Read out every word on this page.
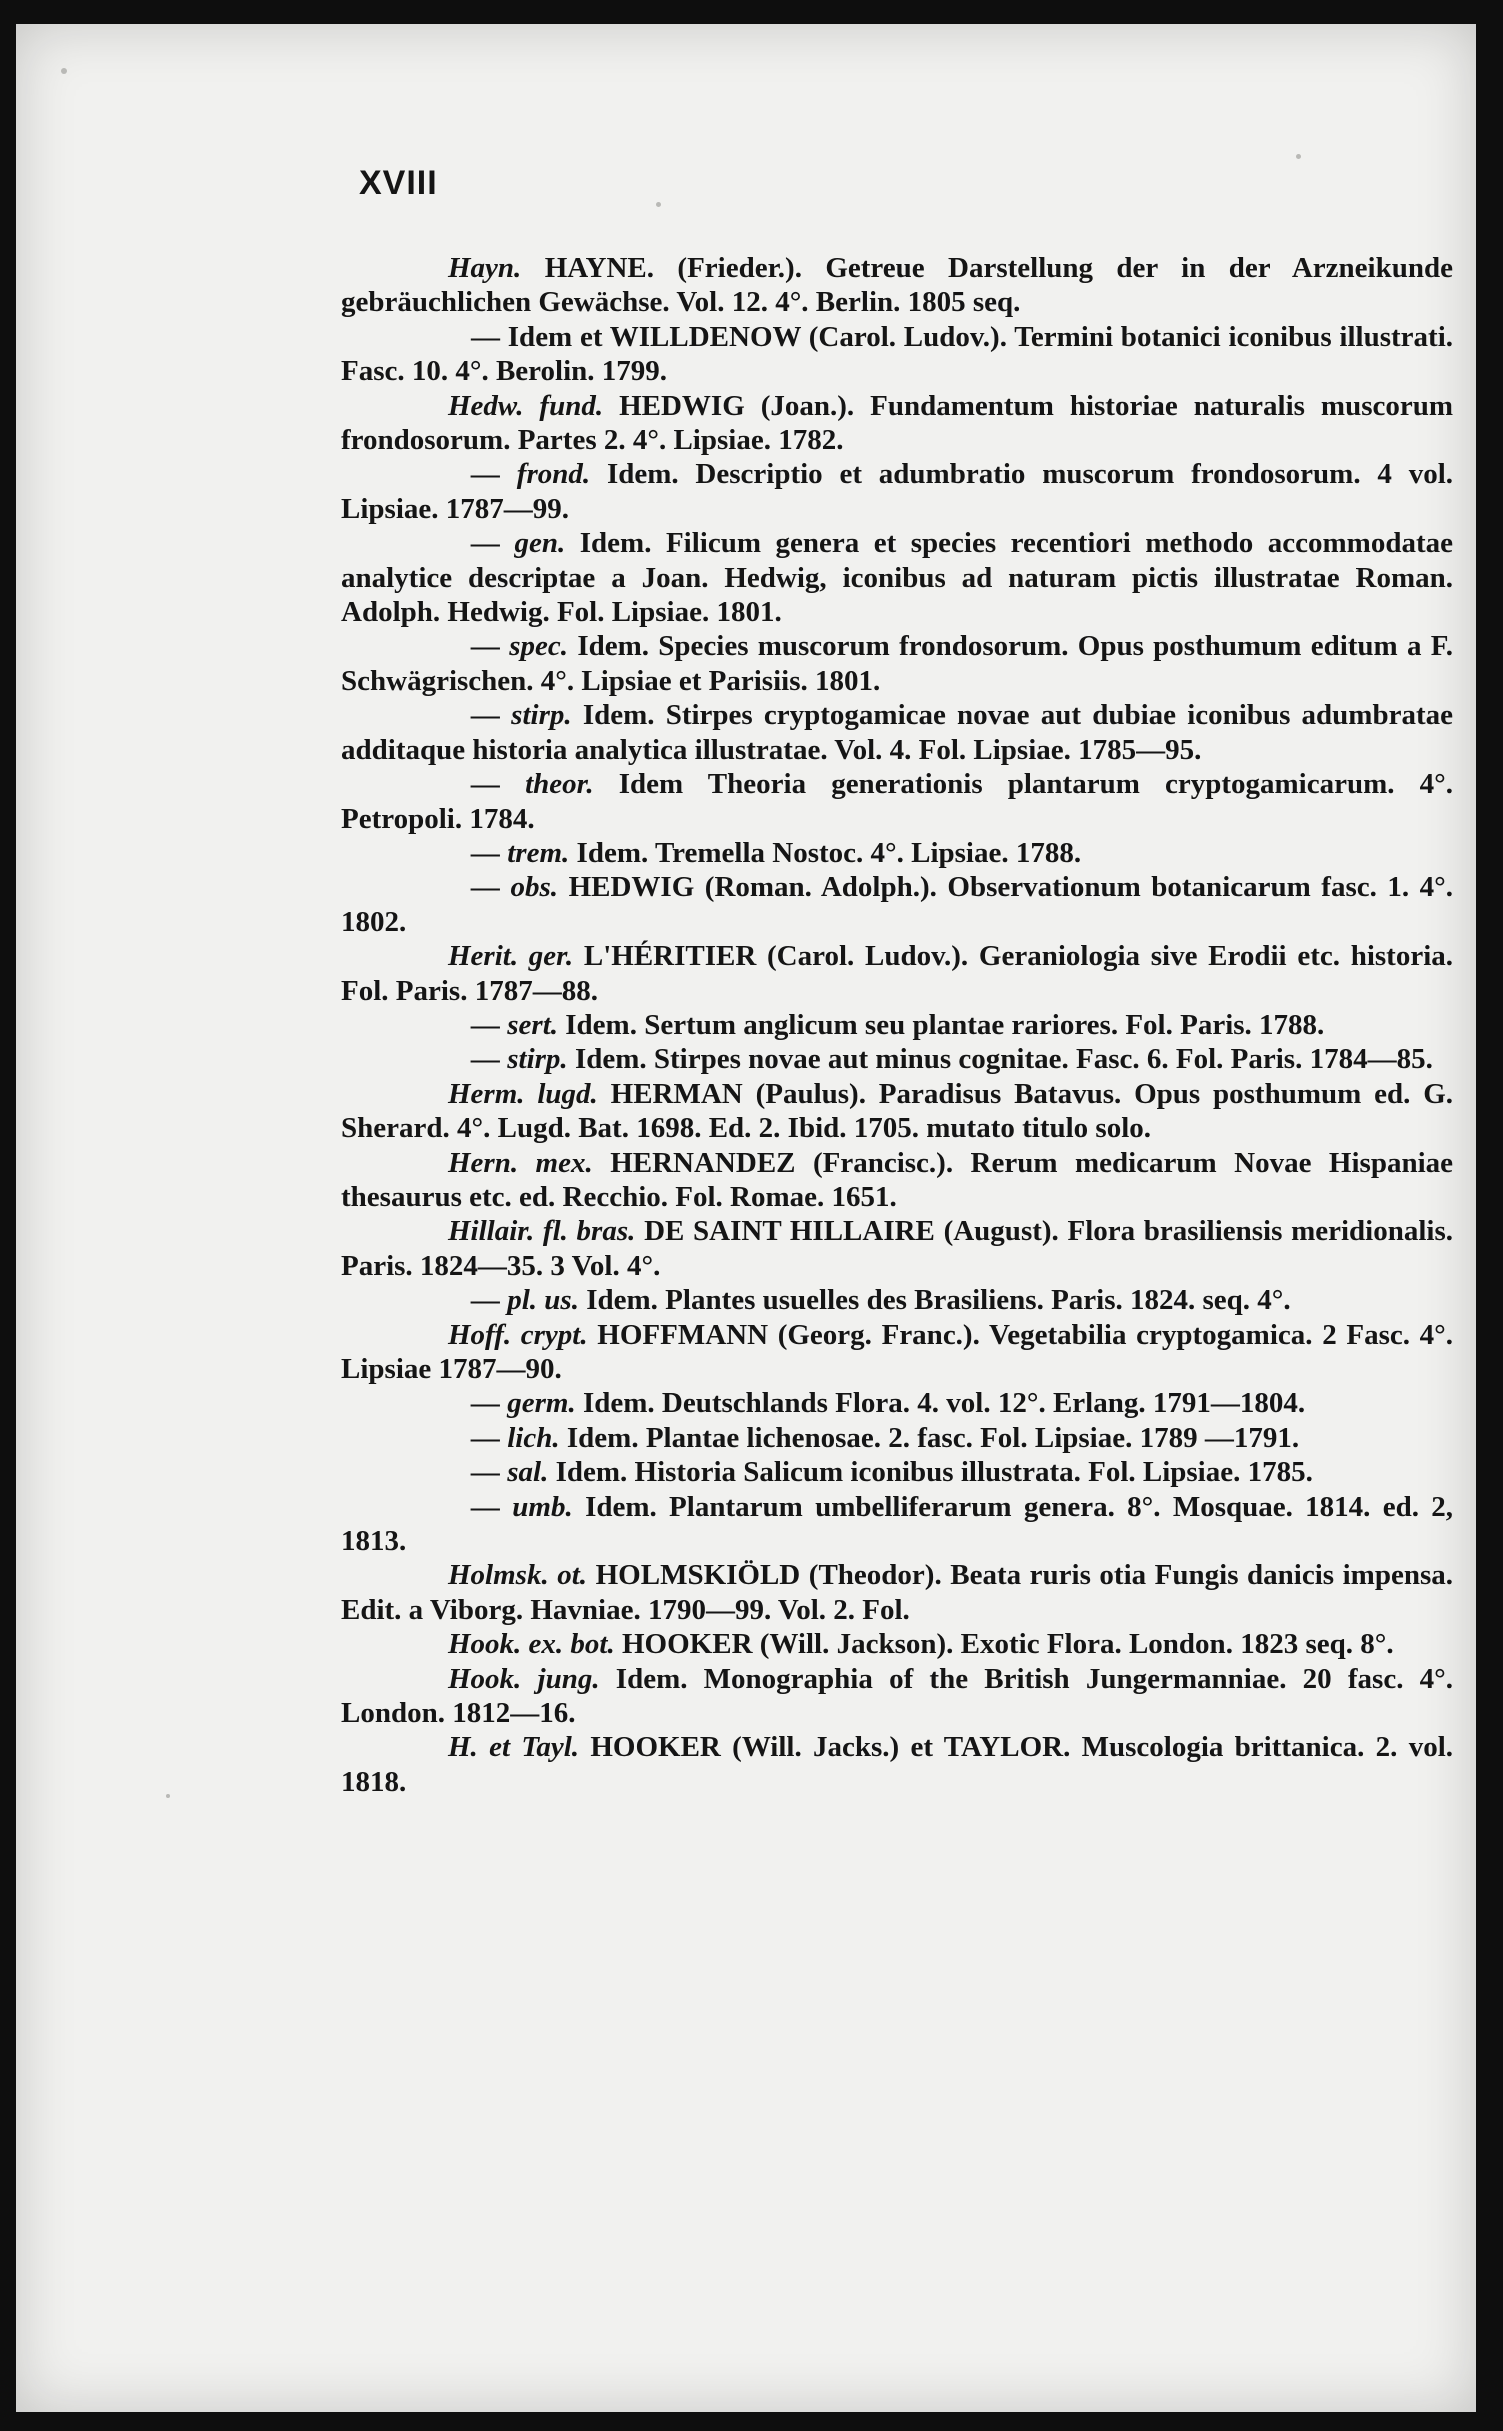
XVIII

Hayn. HAYNE. (Frieder.). Getreue Darstellung der in der Arzneikunde gebräuchlichen Gewächse. Vol. 12. 4°. Berlin. 1805 seq.

— Idem et WILLDENOW (Carol. Ludov.). Termini botanici iconibus illustrati. Fasc. 10. 4°. Berolin. 1799.

Hedw. fund. HEDWIG (Joan.). Fundamentum historiae naturalis muscorum frondosorum. Partes 2. 4°. Lipsiae. 1782.

— frond. Idem. Descriptio et adumbratio muscorum frondosorum. 4 vol. Lipsiae. 1787—99.

— gen. Idem. Filicum genera et species recentiori methodo accommodatae analytice descriptae a Joan. Hedwig, iconibus ad naturam pictis illustratae Roman. Adolph. Hedwig. Fol. Lipsiae. 1801.

— spec. Idem. Species muscorum frondosorum. Opus posthumum editum a F. Schwägrischen. 4°. Lipsiae et Parisiis. 1801.

— stirp. Idem. Stirpes cryptogamicae novae aut dubiae iconibus adumbratae additaque historia analytica illustratae. Vol. 4. Fol. Lipsiae. 1785—95.

— theor. Idem Theoria generationis plantarum cryptogamicarum. 4°. Petropoli. 1784.

— trem. Idem. Tremella Nostoc. 4°. Lipsiae. 1788.

— obs. HEDWIG (Roman. Adolph.). Observationum botanicarum fasc. 1. 4°. 1802.

Herit. ger. L'HÉRITIER (Carol. Ludov.). Geraniologia sive Erodii etc. historia. Fol. Paris. 1787—88.

— sert. Idem. Sertum anglicum seu plantae rariores. Fol. Paris. 1788.

— stirp. Idem. Stirpes novae aut minus cognitae. Fasc. 6. Fol. Paris. 1784—85.

Herm. lugd. HERMAN (Paulus). Paradisus Batavus. Opus posthumum ed. G. Sherard. 4°. Lugd. Bat. 1698. Ed. 2. Ibid. 1705. mutato titulo solo.

Hern. mex. HERNANDEZ (Francisc.). Rerum medicarum Novae Hispaniae thesaurus etc. ed. Recchio. Fol. Romae. 1651.

Hillair. fl. bras. DE SAINT HILLAIRE (August). Flora brasiliensis meridionalis. Paris. 1824—35. 3 Vol. 4°.

— pl. us. Idem. Plantes usuelles des Brasiliens. Paris. 1824. seq. 4°.

Hoff. crypt. HOFFMANN (Georg. Franc.). Vegetabilia cryptogamica. 2 Fasc. 4°. Lipsiae 1787—90.

— germ. Idem. Deutschlands Flora. 4. vol. 12°. Erlang. 1791—1804.

— lich. Idem. Plantae lichenosae. 2. fasc. Fol. Lipsiae. 1789 —1791.

— sal. Idem. Historia Salicum iconibus illustrata. Fol. Lipsiae. 1785.

— umb. Idem. Plantarum umbelliferarum genera. 8°. Mosquae. 1814. ed. 2, 1813.

Holmsk. ot. HOLMSKIÖLD (Theodor). Beata ruris otia Fungis danicis impensa. Edit. a Viborg. Havniae. 1790—99. Vol. 2. Fol.

Hook. ex. bot. HOOKER (Will. Jackson). Exotic Flora. London. 1823 seq. 8°.

Hook. jung. Idem. Monographia of the British Jungermanniae. 20 fasc. 4°. London. 1812—16.

H. et Tayl. HOOKER (Will. Jacks.) et TAYLOR. Muscologia brittanica. 2. vol. 1818.
